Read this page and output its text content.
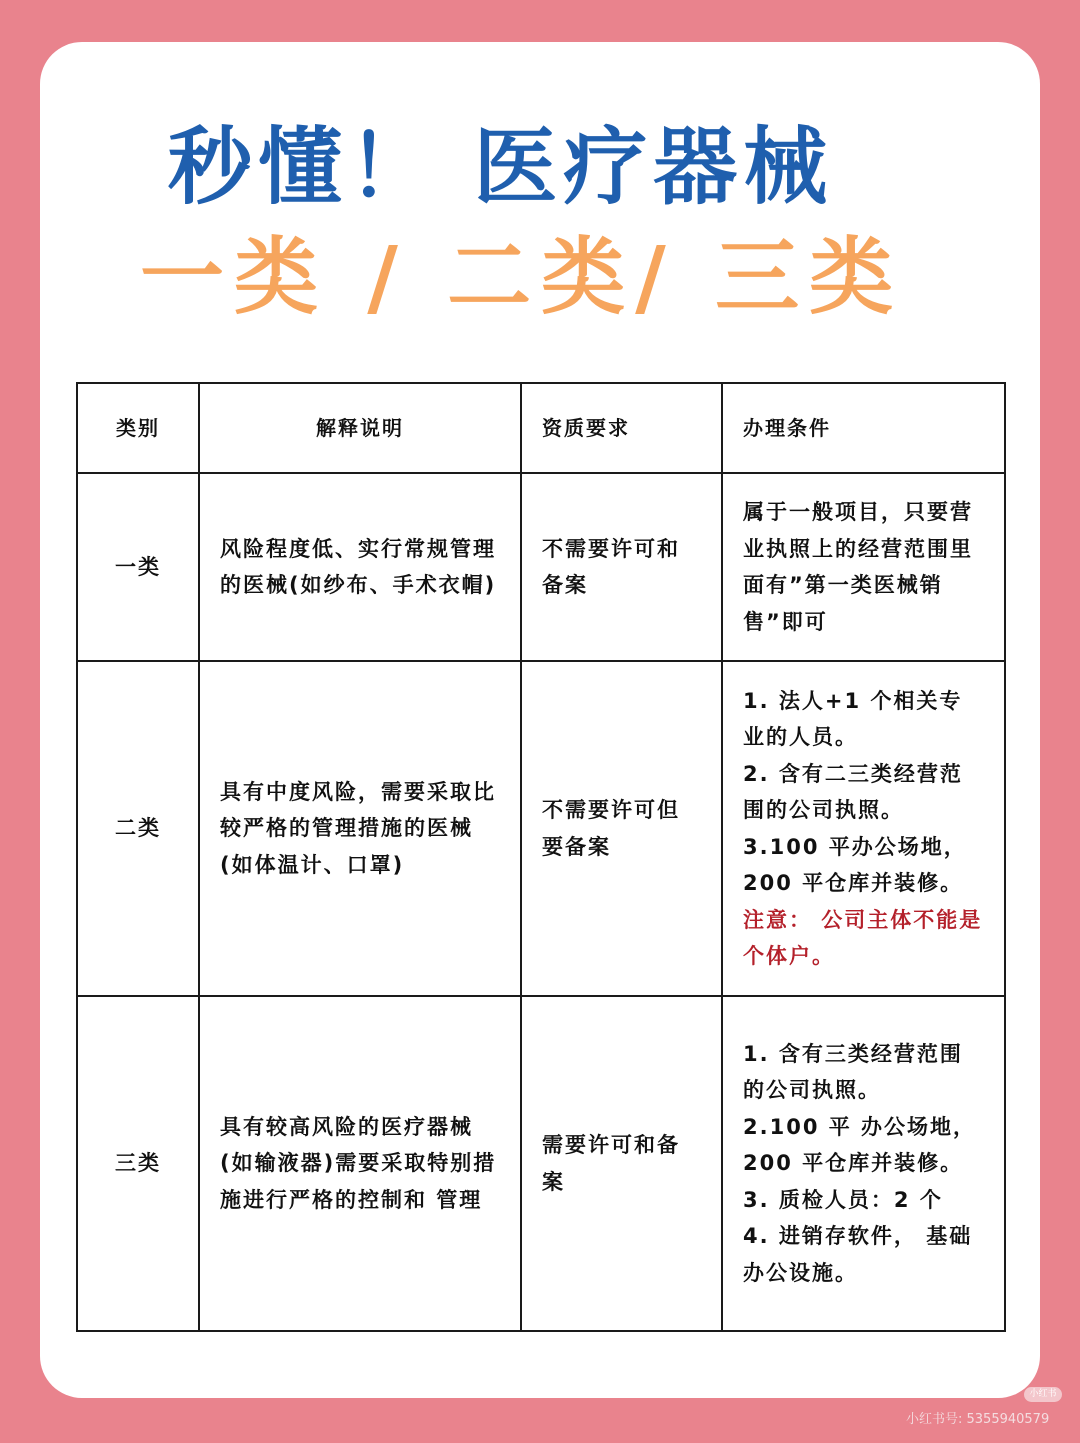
秒懂！ 医疗器械
一类 / 二类/ 三类
类别	解释说明	资质要求	办理条件
一类	风险程度低、实行常规管理的医械(如纱布、手术衣帽)	不需要许可和备案	属于一般项目，只要营业执照上的经营范围里面有”第一类医械销售”即可

二类	具有中度风险，需要采取比较严格的管理措施的医械(如体温计、口罩)	不需要许可但要备案	1. 法人+1 个相关专业的人员。
2. 含有二三类经营范围的公司执照。
3.100 平办公场地，200 平仓库并装修。
注意： 公司主体不能是个体户。

三类	具有较高风险的医疗器械(如输液器)需要采取特别措施进行严格的控制和 管理	需要许可和备案	1. 含有三类经营范围的公司执照。
2.100 平 办公场地，200 平仓库并装修。
3. 质检人员：2 个
4. 进销存软件， 基础 办公设施。
小红书
小红书号: 5355940579
